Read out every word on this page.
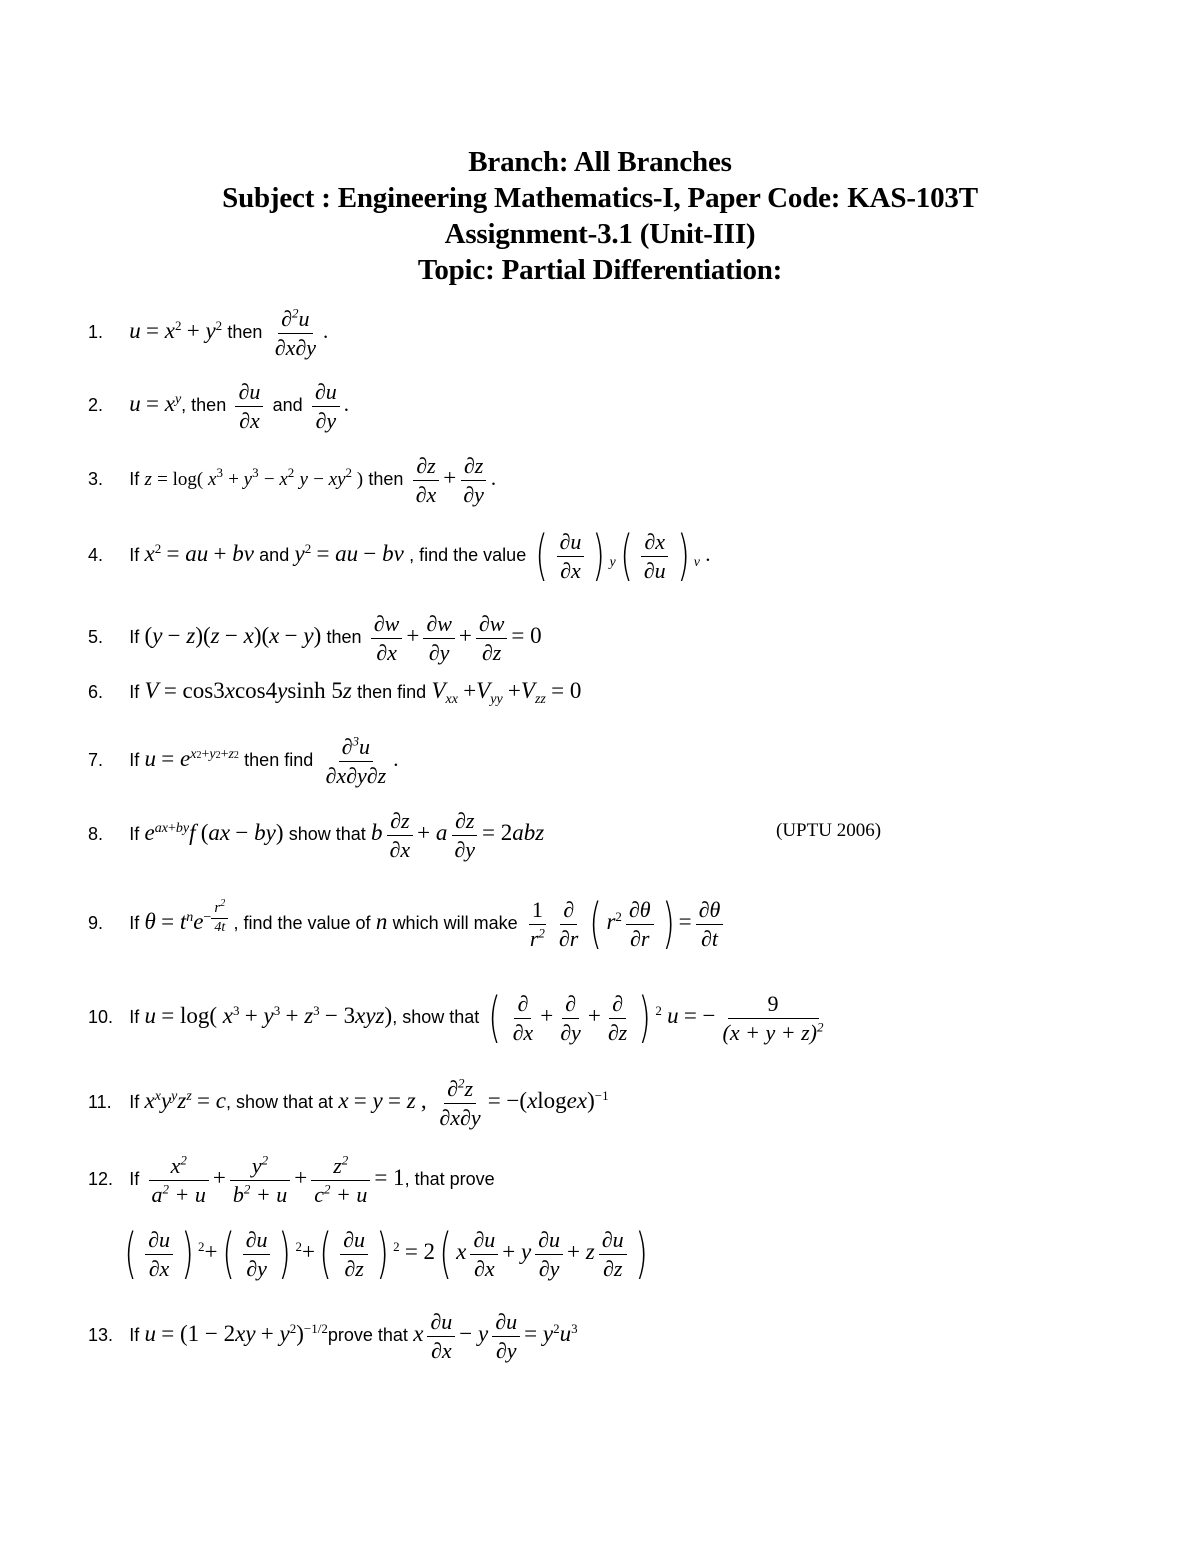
Branch: All Branches
Subject : Engineering Mathematics-I, Paper Code: KAS-103T
Assignment-3.1 (Unit-III)
Topic: Partial Differentiation:
1. $u = x^2 + y^2$ then $\frac{\partial^2u}{\partial x\partial y}$ .
2. $u = x^y$, then $\frac{\partial u}{\partial x}$ and $\frac{\partial u}{\partial y}$ .
3. If z = log( $x^3 + y^3 - x^2$ $y - xy^2$ ) then $\frac{\partial z}{\partial x} + \frac{\partial z}{\partial y}$ .
4. If $x^2$ = au + bv and $y^2$ = au − bv , find the value ( $\frac{\partial u}{\partial x}$ ) $_y( \frac{\partial x}{\partial u}$ ) $_v$ .
5. If (y − z)(z − x)(x − y) then $\frac{\partial w}{\partial x} + \frac{\partial w}{\partial y} + \frac{\partial w}{\partial z} = 0$
6. If V = cos3xcos4ysinh 5z then find $V_{xx} +V_{yy} +V_{zz} = 0$
7. If $u = e^{x2+y2+z2}$ then find $\frac{\partial^3u}{\partial x\partial y\partial z}$ .
8. If $e^{ax+by}f$ (ax − by) show that b $\frac{\partial z}{\partial x} + a \frac{\partial z}{\partial y} = 2abz$	(UPTU 2006)
9. If $\theta = t^ne^{- \frac{r^2}{4t}}$ , find the value of n which will make $\frac{1}{r^2} \frac{\partial}{\partial r}$ ( $r^2 \frac{\partial\theta}{\partial r}$ ) = $\frac{\partial\theta}{\partial t}$
10. If u = log( $x^3 + y^3 + z^3 - 3xyz$), show that ( $\frac{\partial}{\partial x} + \frac{\partial}{\partial y} + \frac{\partial}{\partial z}$ ) $^2$ u = − $\frac{9}{(x + y + z)^2}$
11. If $x^xy^yz^z = c$, show that at x = y = z , $\frac{\partial^2z}{\partial x\partial y}$ = −(xlogex)$^{-1}$
12. If $\frac{x^2}{a^2 + u} + \frac{y^2}{b^2 + u} + \frac{z^2}{c^2 + u} = 1$, that prove
( $\frac{\partial u}{\partial x}$ ) $^2+( \frac{\partial u}{\partial y}$ ) $^2+( \frac{\partial u}{\partial z}$ ) $^2$ = 2( x $\frac{\partial u}{\partial x} + y \frac{\partial u}{\partial y} + z \frac{\partial u}{\partial z}$ )
13. If $u = (1 - 2xy + y^2)^{-1/2}prove$ that x $\frac{\partial u}{\partial x} - y \frac{\partial u}{\partial y} = y^2u^3$
